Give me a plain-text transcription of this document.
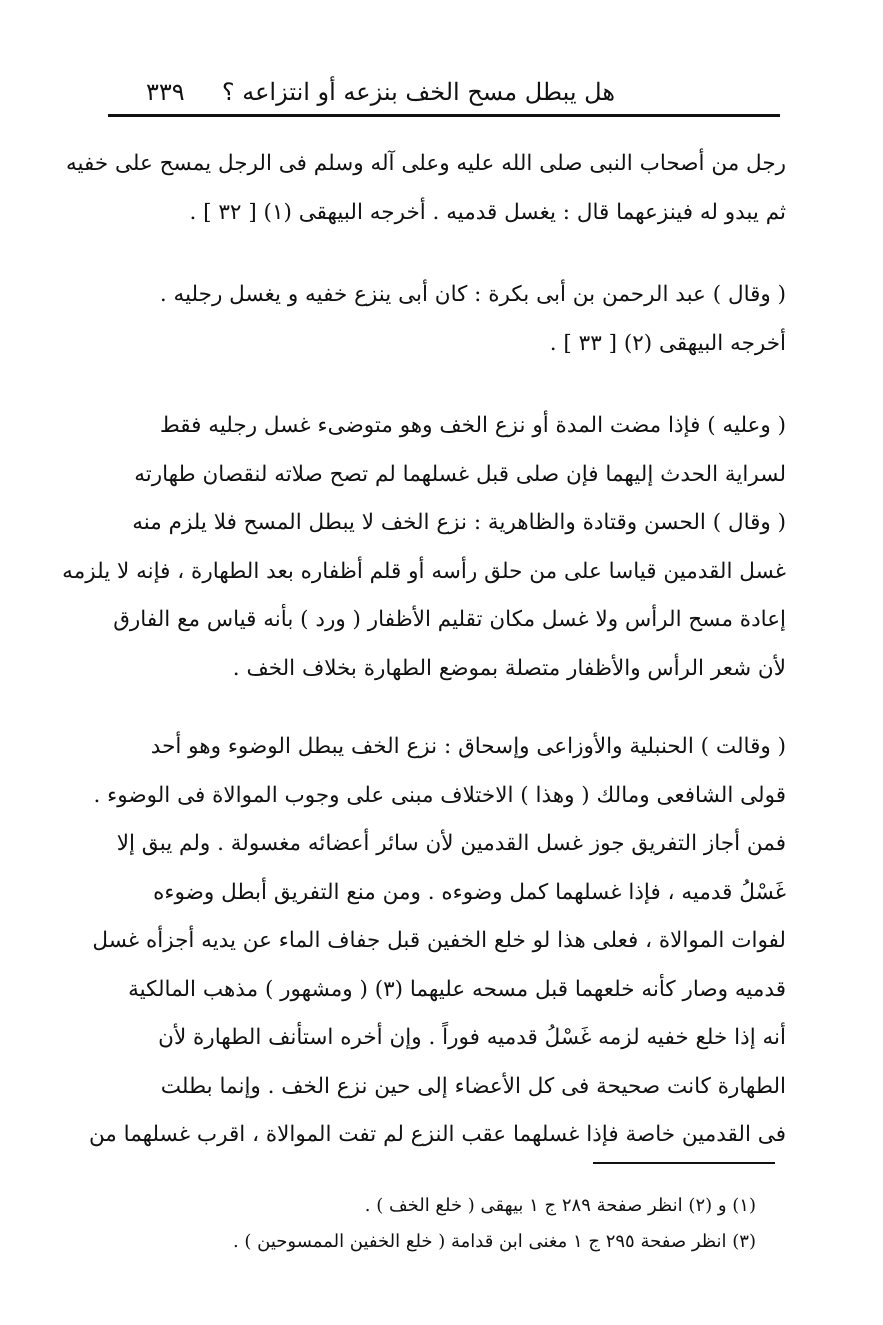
هل يبطل مسح الخف بنزعه أو انتزاعه ؟
٣٣٩

رجل من أصحاب النبى صلى الله عليه وعلى آله وسلم فى الرجل يمسح على خفيه
ثم يبدو له فينزعهما قال : يغسل قدميه . أخرجه البيهقى (١) [ ٣٢ ] .

( وقال ) عبد الرحمن بن أبى بكرة : كان أبى ينزع خفيه و يغسل رجليه .
أخرجه البيهقى (٢) [ ٣٣ ] .

( وعليه ) فإذا مضت المدة أو نزع الخف وهو متوضىء غسل رجليه فقط
لسراية الحدث إليهما فإن صلى قبل غسلهما لم تصح صلاته لنقصان طهارته
( وقال ) الحسن وقتادة والظاهرية : نزع الخف لا يبطل المسح فلا يلزم منه
غسل القدمين قياسا على من حلق رأسه أو قلم أظفاره بعد الطهارة ، فإنه لا يلزمه
إعادة مسح الرأس ولا غسل مكان تقليم الأظفار ( ورد ) بأنه قياس مع الفارق
لأن شعر الرأس والأظفار متصلة بموضع الطهارة بخلاف الخف .

( وقالت ) الحنبلية والأوزاعى وإسحاق : نزع الخف يبطل الوضوء وهو أحد
قولى الشافعى ومالك ( وهذا ) الاختلاف مبنى على وجوب الموالاة فى الوضوء .
فمن أجاز التفريق جوز غسل القدمين لأن سائر أعضائه مغسولة . ولم يبق إلا
غَسْلُ قدميه ، فإذا غسلهما كمل وضوءه . ومن منع التفريق أبطل وضوءه
لفوات الموالاة ، فعلى هذا لو خلع الخفين قبل جفاف الماء عن يديه أجزأه غسل
قدميه وصار كأنه خلعهما قبل مسحه عليهما (٣) ( ومشهور ) مذهب المالكية
أنه إذا خلع خفيه لزمه غَسْلُ قدميه فوراً . وإن أخره استأنف الطهارة لأن
الطهارة كانت صحيحة فى كل الأعضاء إلى حين نزع الخف . وإنما بطلت
فى القدمين خاصة فإذا غسلهما عقب النزع لم تفت الموالاة ، اقرب غسلهما من

(١) و (٢) انظر صفحة ٢٨٩ ج ١ بيهقى ( خلع الخف ) .
(٣) انظر صفحة ٢٩٥ ج ١ مغنى ابن قدامة ( خلع الخفين الممسوحين ) .
